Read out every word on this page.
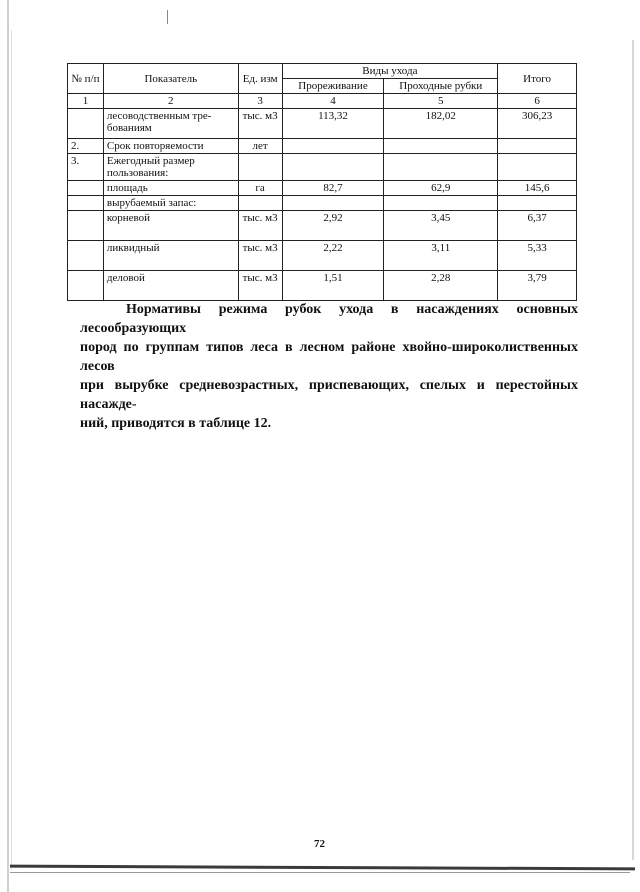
№ п/п	Показатель	Ед. изм	Виды ухода		Итого
			Прореживание	Проходные рубки	
1	2	3	4	5	6
	лесоводственным тре-бованиям	тыс. м3	113,32	182,02	306,23
2.	Срок повторяемости	лет			
3.	Ежегодный размер пользования:				
	площадь	га	82,7	62,9	145,6
	вырубаемый запас:				
	корневой	тыс. м3	2,92	3,45	6,37
	ликвидный	тыс. м3	2,22	3,11	5,33
	деловой	тыс. м3	1,51	2,28	3,79
Нормативы режима рубок ухода в насаждениях основных лесообразующих
пород по группам типов леса в лесном районе хвойно-широколиственных лесов
при вырубке средневозрастных, приспевающих, спелых и перестойных насажде-
ний, приводятся в таблице 12.
72
